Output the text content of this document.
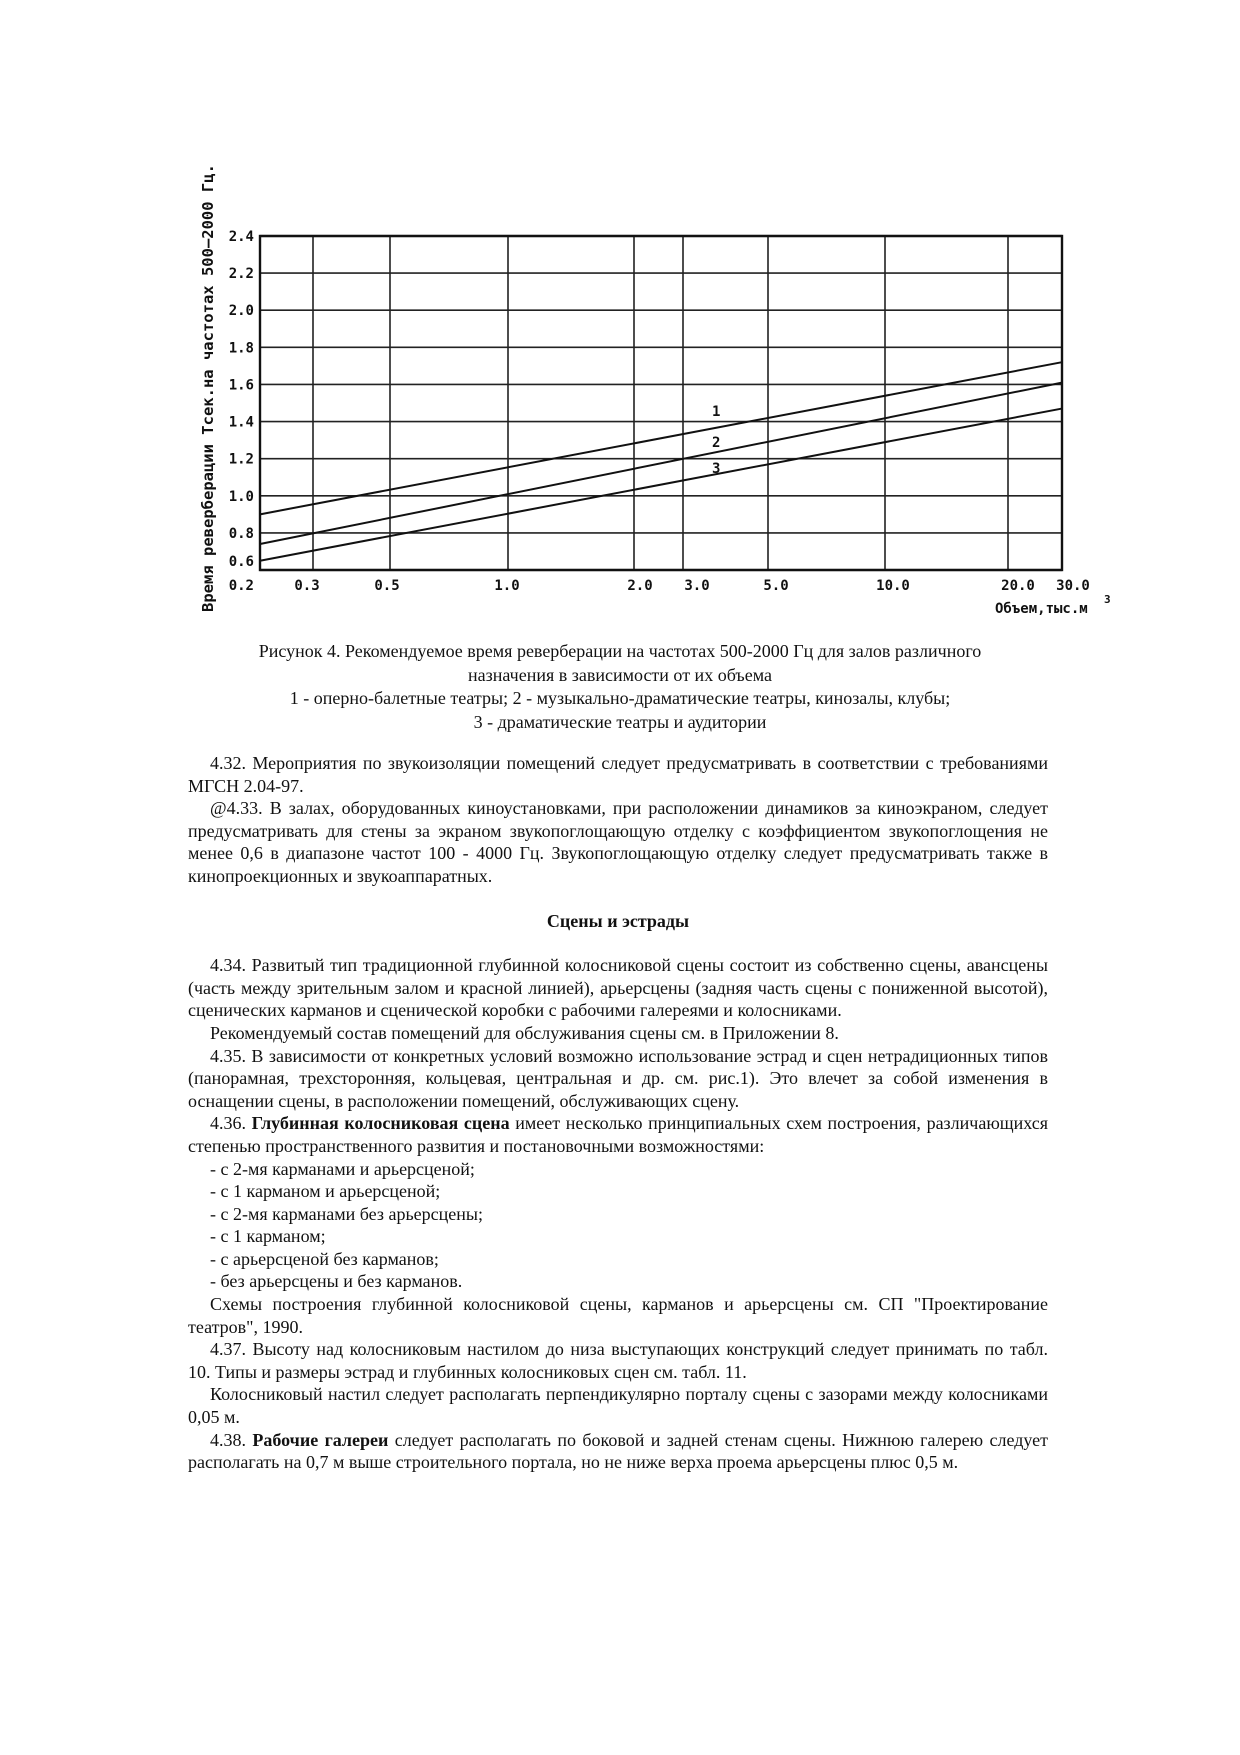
0.3	0.5	1.0	2.0 3.0	5.0	10.0	20.0 30.0
0.6
0.8
1.0
1.2
1.4
1.6
1.8
2.0
2.2
2.4
0.2
1
2
3
Время реверберации Тсек.на частотах 500–2000 Гц.	Объем,тыс.м
3
Рисунок 4. Рекомендуемое время реверберации на частотах 500-2000 Гц для залов различного
назначения в зависимости от их объема
1 - оперно-балетные театры; 2 - музыкально-драматические театры, кинозалы, клубы;
3 - драматические театры и аудитории

4.32. Мероприятия по звукоизоляции помещений следует предусматривать в соответствии с требованиями МГСН 2.04-97.

@4.33. В залах, оборудованных киноустановками, при расположении динамиков за киноэкраном, следует предусматривать для стены за экраном звукопоглощающую отделку с коэффициентом звукопоглощения не менее 0,6 в диапазоне частот 100 - 4000 Гц. Звукопоглощающую отделку следует предусматривать также в кинопроекционных и звукоаппаратных.

Сцены и эстрады

4.34. Развитый тип традиционной глубинной колосниковой сцены состоит из собственно сцены, авансцены (часть между зрительным залом и красной линией), арьерсцены (задняя часть сцены с пониженной высотой), сценических карманов и сценической коробки с рабочими галереями и колосниками.

Рекомендуемый состав помещений для обслуживания сцены см. в Приложении 8.

4.35. В зависимости от конкретных условий возможно использование эстрад и сцен нетрадиционных типов (панорамная, трехсторонняя, кольцевая, центральная и др. см. рис.1). Это влечет за собой изменения в оснащении сцены, в расположении помещений, обслуживающих сцену.

4.36. Глубинная колосниковая сцена имеет несколько принципиальных схем построения, различающихся степенью пространственного развития и постановочными возможностями:

- с 2-мя карманами и арьерсценой;

- с 1 карманом и арьерсценой;

- с 2-мя карманами без арьерсцены;

- с 1 карманом;

- с арьерсценой без карманов;

- без арьерсцены и без карманов.

Схемы построения глубинной колосниковой сцены, карманов и арьерсцены см. СП "Проектирование театров", 1990.

4.37. Высоту над колосниковым настилом до низа выступающих конструкций следует принимать по табл. 10. Типы и размеры эстрад и глубинных колосниковых сцен см. табл. 11.

Колосниковый настил следует располагать перпендикулярно порталу сцены с зазорами между колосниками 0,05 м.

4.38. Рабочие галереи следует располагать по боковой и задней стенам сцены. Нижнюю галерею следует располагать на 0,7 м выше строительного портала, но не ниже верха проема арьерсцены плюс 0,5 м.
